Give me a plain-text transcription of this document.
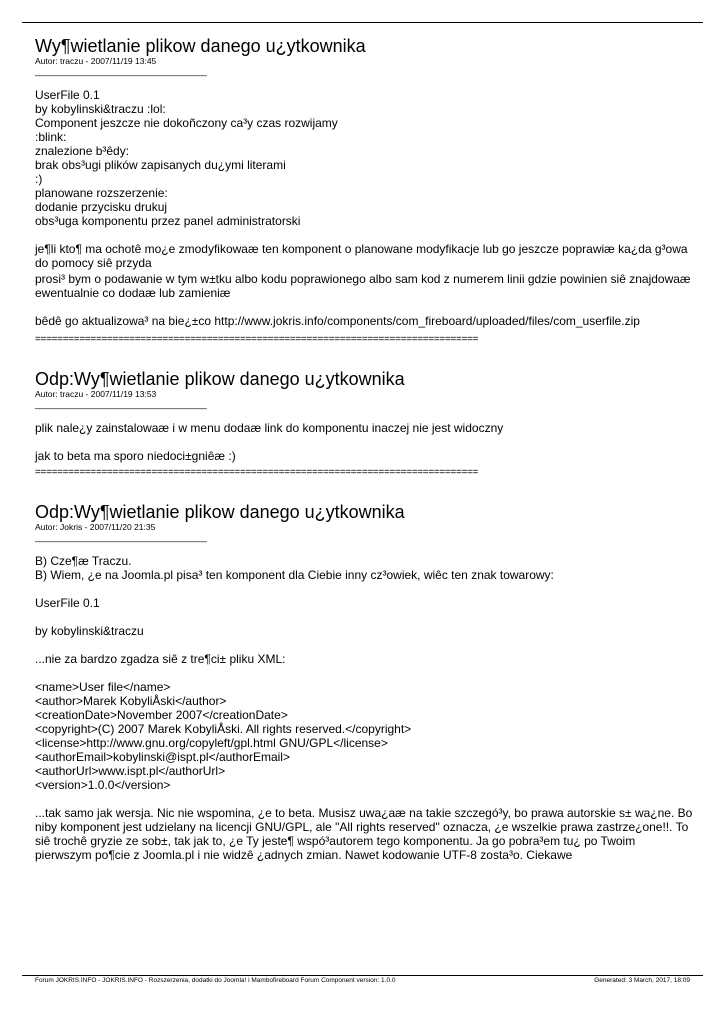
Wy¶wietlanie plikow danego u¿ytkownika
Autor: traczu - 2007/11/19 13:45
______________________________________

UserFile 0.1
by kobylinski&traczu :lol:

Component jeszcze nie dokoñczony ca³y czas rozwijamy
:blink:
znalezione b³êdy:
brak obs³ugi plików zapisanych du¿ymi literami
:)
planowane rozszerzenie:
dodanie przycisku drukuj
obs³uga komponentu przez panel administratorski

je¶li kto¶ ma ochotê mo¿e zmodyfikowaæ ten komponent o planowane modyfikacje lub go jeszcze poprawiæ ka¿da g³owa do pomocy siê przyda

prosi³ bym o podawanie w tym w±tku albo kodu poprawionego albo sam kod z numerem linii gdzie powinien siê znajdowaæ ewentualnie co dodaæ lub zamieniæ

bêdê go aktualizowa³ na bie¿±co http://www.jokris.info/components/com_fireboard/uploaded/files/com_userfile.zip

================================================================================
Odp:Wy¶wietlanie plikow danego u¿ytkownika
Autor: traczu - 2007/11/19 13:53
______________________________________

plik nale¿y zainstalowaæ i w menu dodaæ link do komponentu inaczej nie jest widoczny

jak to beta ma sporo niedoci±gniêæ :)

================================================================================
Odp:Wy¶wietlanie plikow danego u¿ytkownika
Autor: Jokris - 2007/11/20 21:35
______________________________________

B) Cze¶æ Traczu.
B) Wiem, ¿e na Joomla.pl pisa³ ten komponent dla Ciebie inny cz³owiek, wiêc ten znak towarowy:

UserFile 0.1

by kobylinski&traczu

...nie za bardzo zgadza siê z tre¶ci± pliku XML:

<name>User file</name>
<author>Marek KobyliÅski</author>
<creationDate>November 2007</creationDate>
<copyright>(C) 2007 Marek KobyliÅski. All rights reserved.</copyright>
<license>http://www.gnu.org/copyleft/gpl.html GNU/GPL</license>
<authorEmail>kobylinski@ispt.pl</authorEmail>
<authorUrl>www.ispt.pl</authorUrl>
<version>1.0.0</version>

...tak samo jak wersja. Nic nie wspomina, ¿e to beta. Musisz uwa¿aæ na takie szczegó³y, bo prawa autorskie s± wa¿ne. Bo niby komponent jest udzielany na licencji GNU/GPL, ale "All rights reserved" oznacza, ¿e wszelkie prawa zastrze¿one!!. To siê trochê gryzie ze sob±, tak jak to, ¿e Ty jeste¶ wspó³autorem tego komponentu. Ja go pobra³em tu¿ po Twoim pierwszym po¶cie z Joomla.pl i nie widzê ¿adnych zmian. Nawet kodowanie UTF-8 zosta³o. Ciekawe

Forum JOKRIS.INFO - JOKRIS.INFO - Rozszerzenia, dodatki do Joomla! i Mambofireboard Forum Component version: 1.0.0	Generated: 3 March, 2017, 18:09
